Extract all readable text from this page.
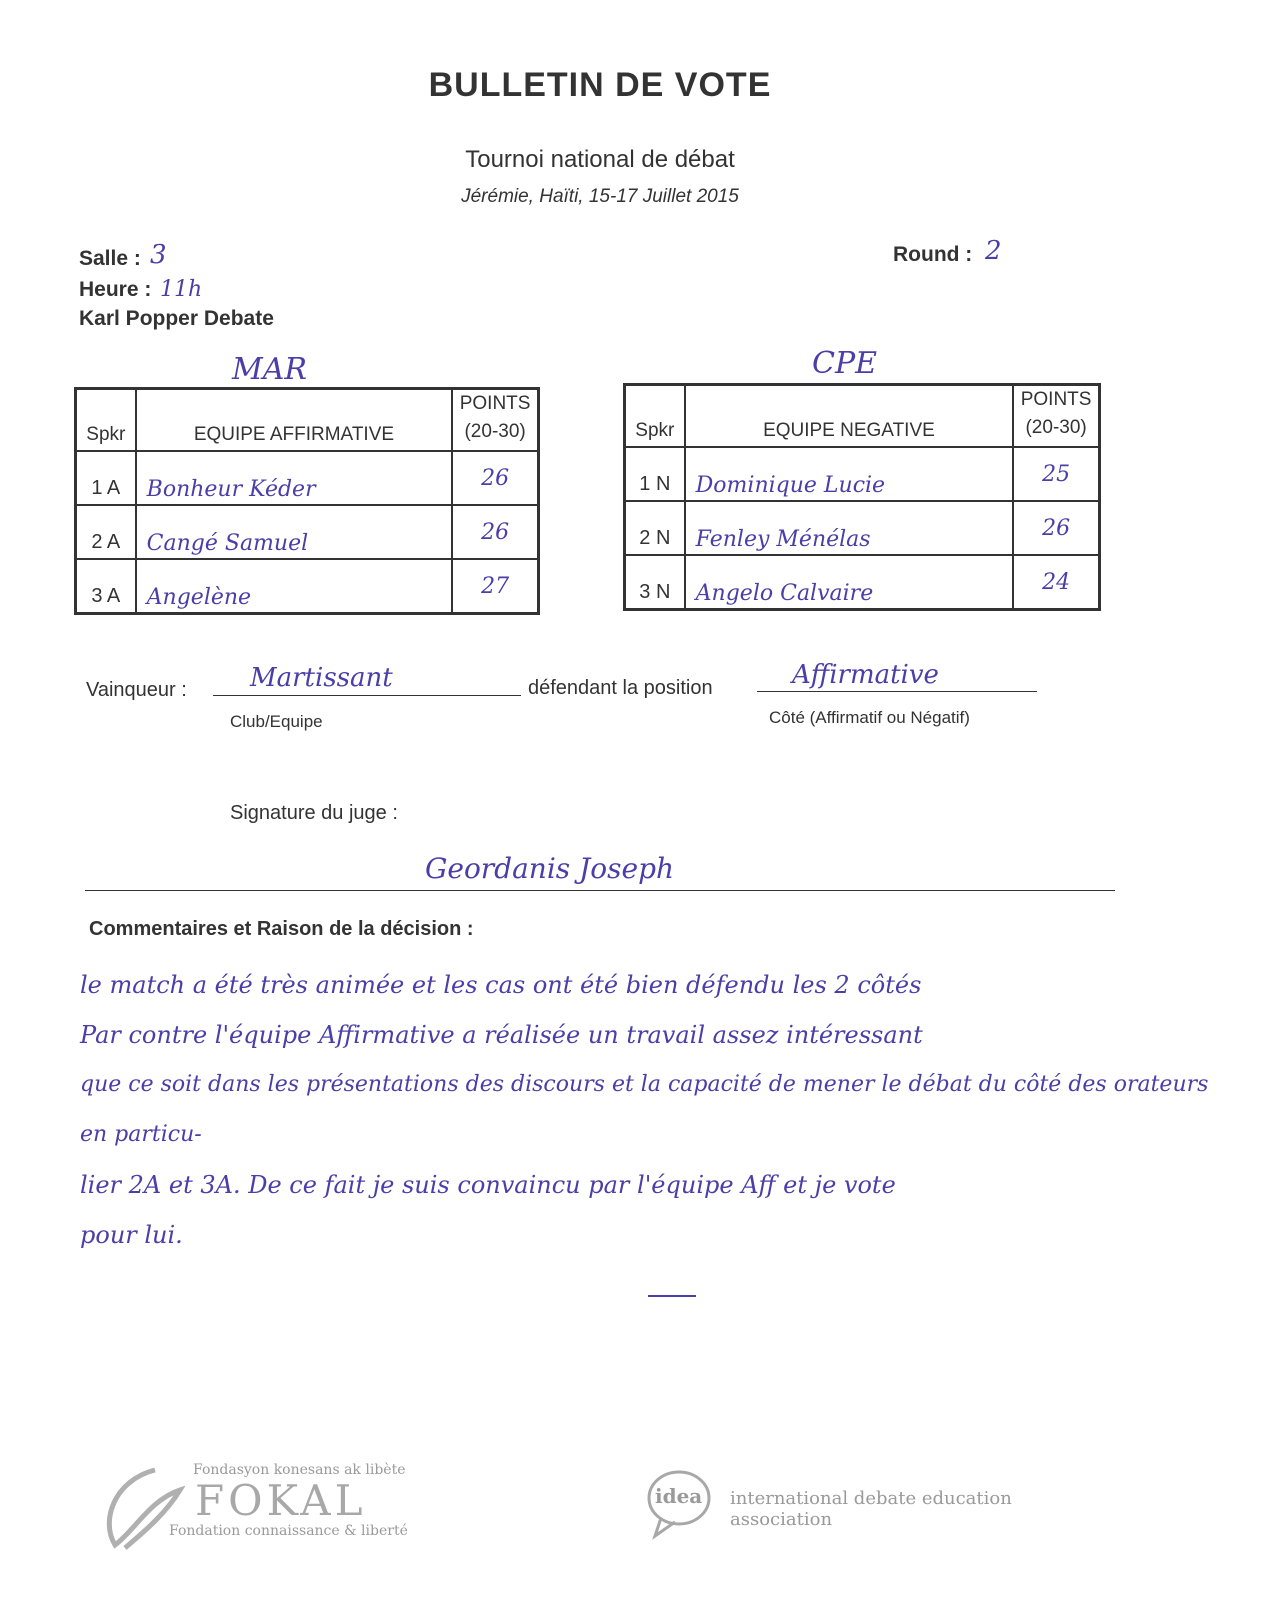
BULLETIN DE VOTE
Tournoi national de débat
Jérémie, Haïti, 15-17 Juillet 2015
Salle : 3
Heure : 11h
Karl Popper Debate
Round : 2
MAR	CPE
Spkr	EQUIPE AFFIRMATIVE	POINTS
(20-30)

1 A	Bonheur Kéder	26
2 A	Cangé Samuel	26
3 A	Angelène	27
Spkr	EQUIPE NEGATIVE	POINTS
(20-30)

1 N	Dominique Lucie	25
2 N	Fenley Ménélas	26
3 N	Angelo Calvaire	24
Vainqueur : Martissant
Club/Equipe
défendant la position	Affirmative
Côté (Affirmatif ou Négatif)
Signature du juge :
Geordanis Joseph
Commentaires et Raison de la décision :
le match a été très animée et les cas ont été bien défendu les 2 côtés
Par contre l'équipe Affirmative a réalisée un travail assez intéressant
que ce soit dans les présentations des discours et la capacité de mener le débat du côté des orateurs en particu-
lier 2A et 3A. De ce fait je suis convaincu par l'équipe Aff et je vote
pour lui.
Fondasyon konesans ak libète
FOKAL
Fondation connaissance & liberté
idea international debate education association
